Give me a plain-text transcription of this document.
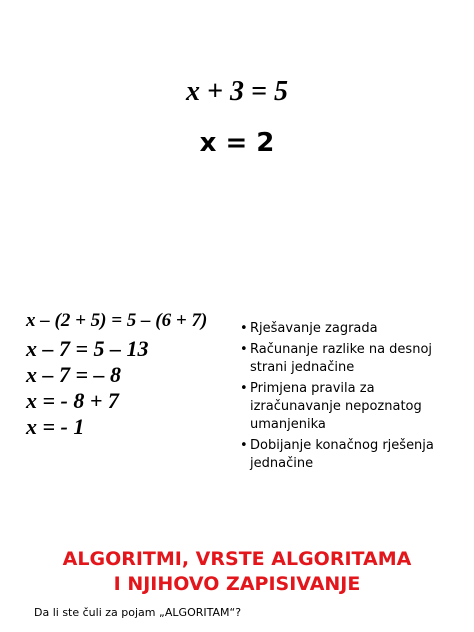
x + 3 = 5
x = 2
x – (2 + 5) = 5 – (6 + 7)
x – 7 = 5 – 13
x – 7 = – 8
x = - 8 + 7
x = - 1
• Rješavanje zagrada
• Računanje razlike na desnoj strani jednačine
• Primjena pravila za izračunavanje nepoznatog umanjenika
• Dobijanje konačnog rješenja jednačine
ALGORITMI, VRSTE ALGORITAMA
I NJIHOVO ZAPISIVANJE
Da li ste čuli za pojam „ALGORITAM“?
